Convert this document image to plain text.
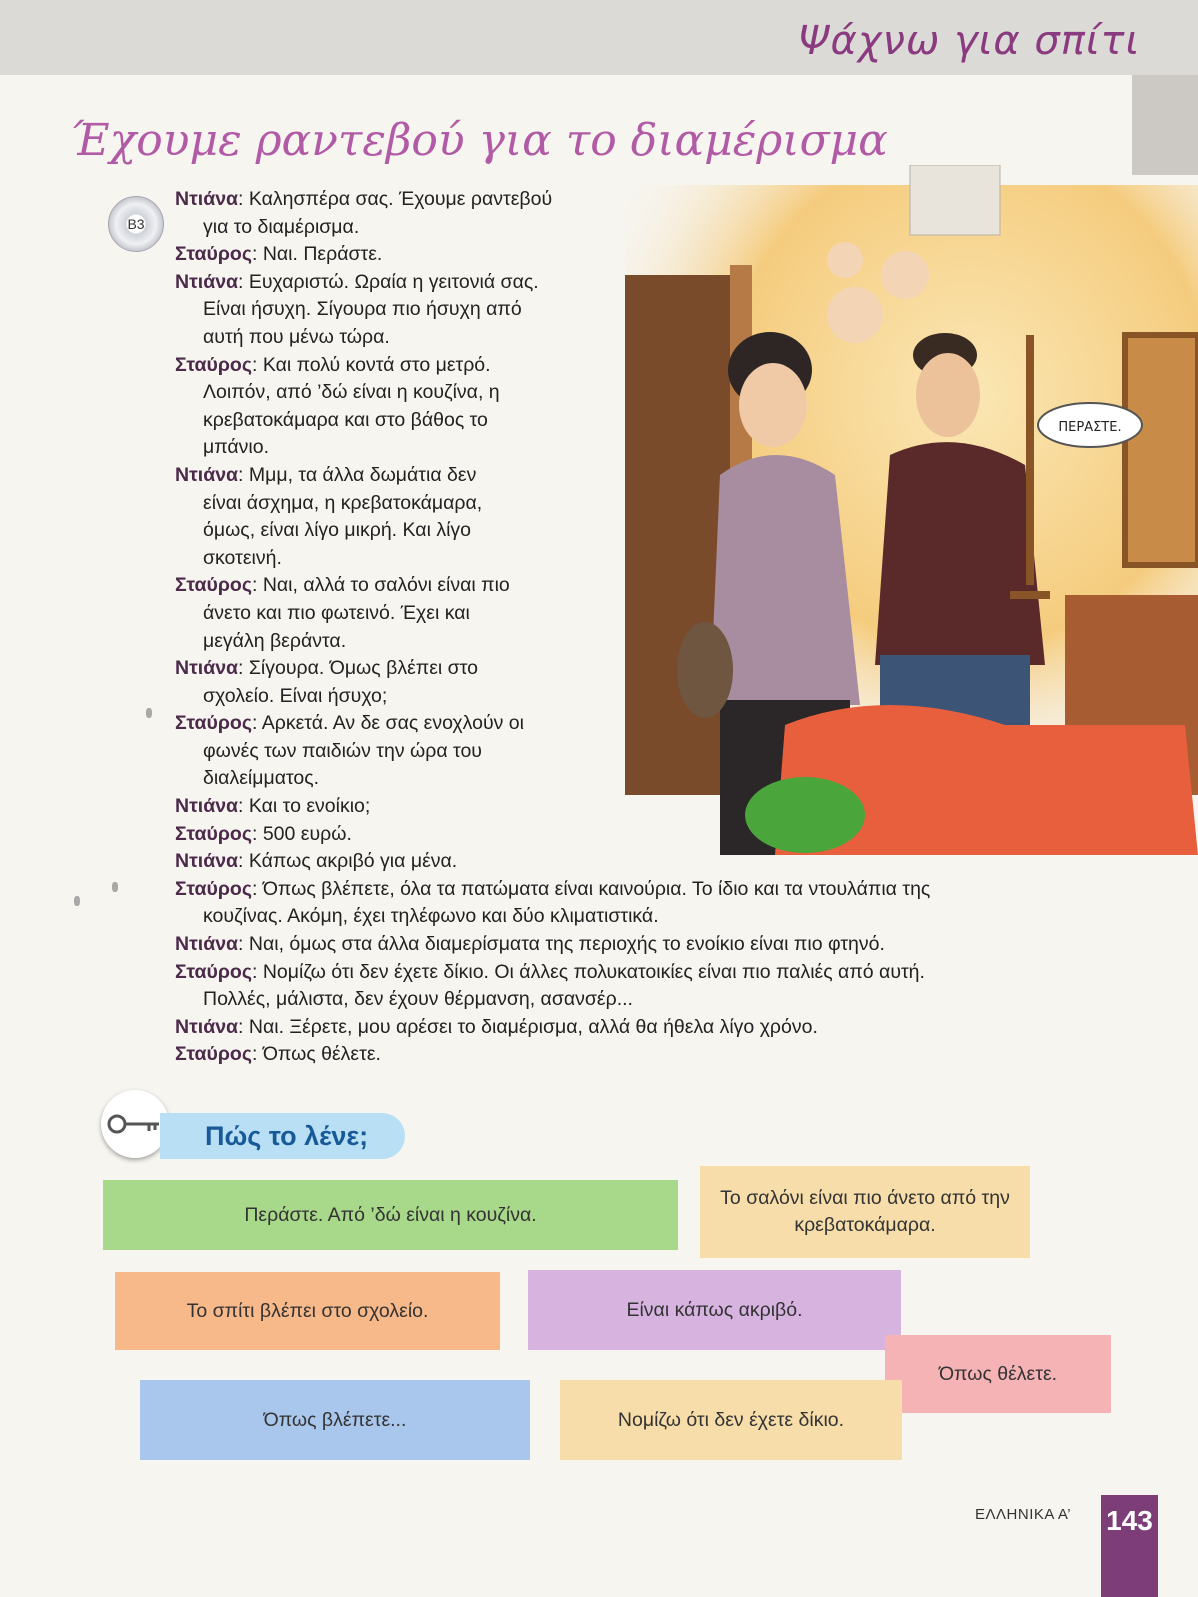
Ψάχνω για σπίτι
Έχουμε ραντεβού για το διαμέρισμα
B3
ΠΕΡΑΣΤΕ.
Ντιάνα: Καλησπέρα σας. Έχουμε ραντεβού
για το διαμέρισμα.
Σταύρος: Ναι. Περάστε.
Ντιάνα: Ευχαριστώ. Ωραία η γειτονιά σας.
Είναι ήσυχη. Σίγουρα πιο ήσυχη από
αυτή που μένω τώρα.
Σταύρος: Και πολύ κοντά στο μετρό.
Λοιπόν, από ’δώ είναι η κουζίνα, η
κρεβατοκάμαρα και στο βάθος το
μπάνιο.
Ντιάνα: Μμμ, τα άλλα δωμάτια δεν
είναι άσχημα, η κρεβατοκάμαρα,
όμως, είναι λίγο μικρή. Και λίγο
σκοτεινή.
Σταύρος: Ναι, αλλά το σαλόνι είναι πιο
άνετο και πιο φωτεινό. Έχει και
μεγάλη βεράντα.
Ντιάνα: Σίγουρα. Όμως βλέπει στο
σχολείο. Είναι ήσυχο;
Σταύρος: Αρκετά. Αν δε σας ενοχλούν οι
φωνές των παιδιών την ώρα του
διαλείμματος.
Ντιάνα: Και το ενοίκιο;
Σταύρος: 500 ευρώ.
Ντιάνα: Κάπως ακριβό για μένα.
Σταύρος: Όπως βλέπετε, όλα τα πατώματα είναι καινούρια. Το ίδιο και τα ντουλάπια της
κουζίνας. Ακόμη, έχει τηλέφωνο και δύο κλιματιστικά.
Ντιάνα: Ναι, όμως στα άλλα διαμερίσματα της περιοχής το ενοίκιο είναι πιο φτηνό.
Σταύρος: Νομίζω ότι δεν έχετε δίκιο. Οι άλλες πολυκατοικίες είναι πιο παλιές από αυτή.
Πολλές, μάλιστα, δεν έχουν θέρμανση, ασανσέρ...
Ντιάνα: Ναι. Ξέρετε, μου αρέσει το διαμέρισμα, αλλά θα ήθελα λίγο χρόνο.
Σταύρος: Όπως θέλετε.
Πώς το λένε;
Περάστε. Από ’δώ είναι η κουζίνα.
Το σαλόνι είναι πιο άνετο από την κρεβατοκάμαρα.
Το σπίτι βλέπει στο σχολείο.	Είναι κάπως ακριβό.
Όπως θέλετε.
Όπως βλέπετε...	Νομίζω ότι δεν έχετε δίκιο.
ΕΛΛΗΝΙΚΑ Α’ 143
